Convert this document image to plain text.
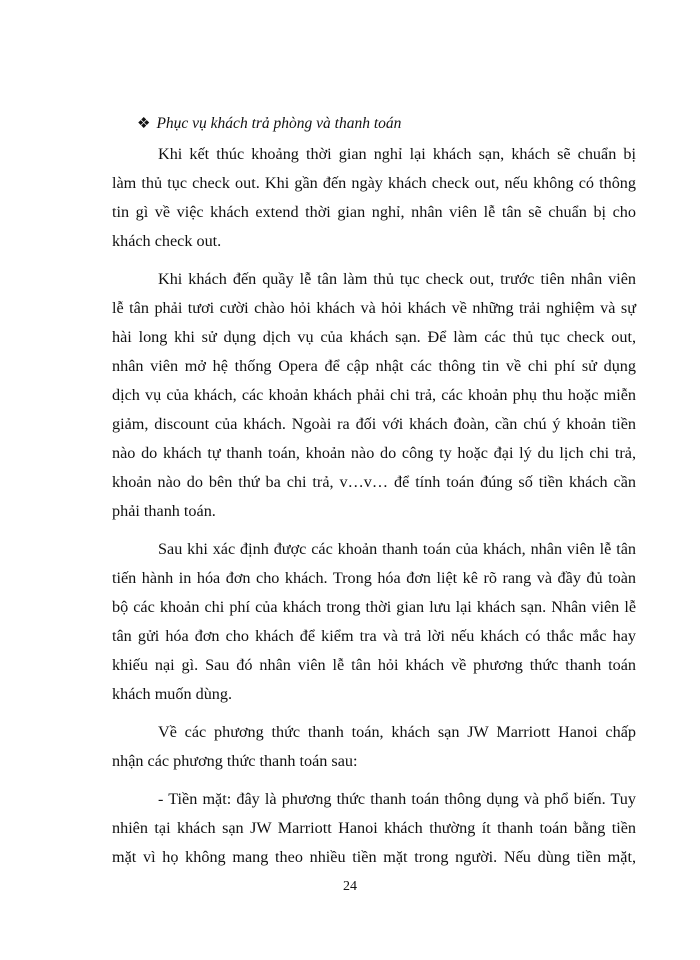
❖ Phục vụ khách trả phòng và thanh toán

Khi kết thúc khoảng thời gian nghỉ lại khách sạn, khách sẽ chuẩn bị
làm thủ tục check out. Khi gần đến ngày khách check out, nếu không có thông
tin gì về việc khách extend thời gian nghỉ, nhân viên lễ tân sẽ chuẩn bị cho
khách check out.

Khi khách đến quầy lễ tân làm thủ tục check out, trước tiên nhân viên
lễ tân phải tươi cười chào hỏi khách và hỏi khách về những trải nghiệm và sự
hài long khi sử dụng dịch vụ của khách sạn. Để làm các thủ tục check out,
nhân viên mở hệ thống Opera để cập nhật các thông tin về chi phí sử dụng
dịch vụ của khách, các khoản khách phải chi trả, các khoản phụ thu hoặc miễn
giảm, discount của khách. Ngoài ra đối với khách đoàn, cần chú ý khoản tiền
nào do khách tự thanh toán, khoản nào do công ty hoặc đại lý du lịch chi trả,
khoản nào do bên thứ ba chi trả, v…v… để tính toán đúng số tiền khách cần
phải thanh toán.

Sau khi xác định được các khoản thanh toán của khách, nhân viên lễ tân
tiến hành in hóa đơn cho khách. Trong hóa đơn liệt kê rõ rang và đầy đủ toàn
bộ các khoản chi phí của khách trong thời gian lưu lại khách sạn. Nhân viên lễ
tân gửi hóa đơn cho khách để kiểm tra và trả lời nếu khách có thắc mắc hay
khiếu nại gì. Sau đó nhân viên lễ tân hỏi khách về phương thức thanh toán
khách muốn dùng.

Về các phương thức thanh toán, khách sạn JW Marriott Hanoi chấp
nhận các phương thức thanh toán sau:

- Tiền mặt: đây là phương thức thanh toán thông dụng và phổ biến. Tuy
nhiên tại khách sạn JW Marriott Hanoi khách thường ít thanh toán bằng tiền
mặt vì họ không mang theo nhiều tiền mặt trong người. Nếu dùng tiền mặt,

24
